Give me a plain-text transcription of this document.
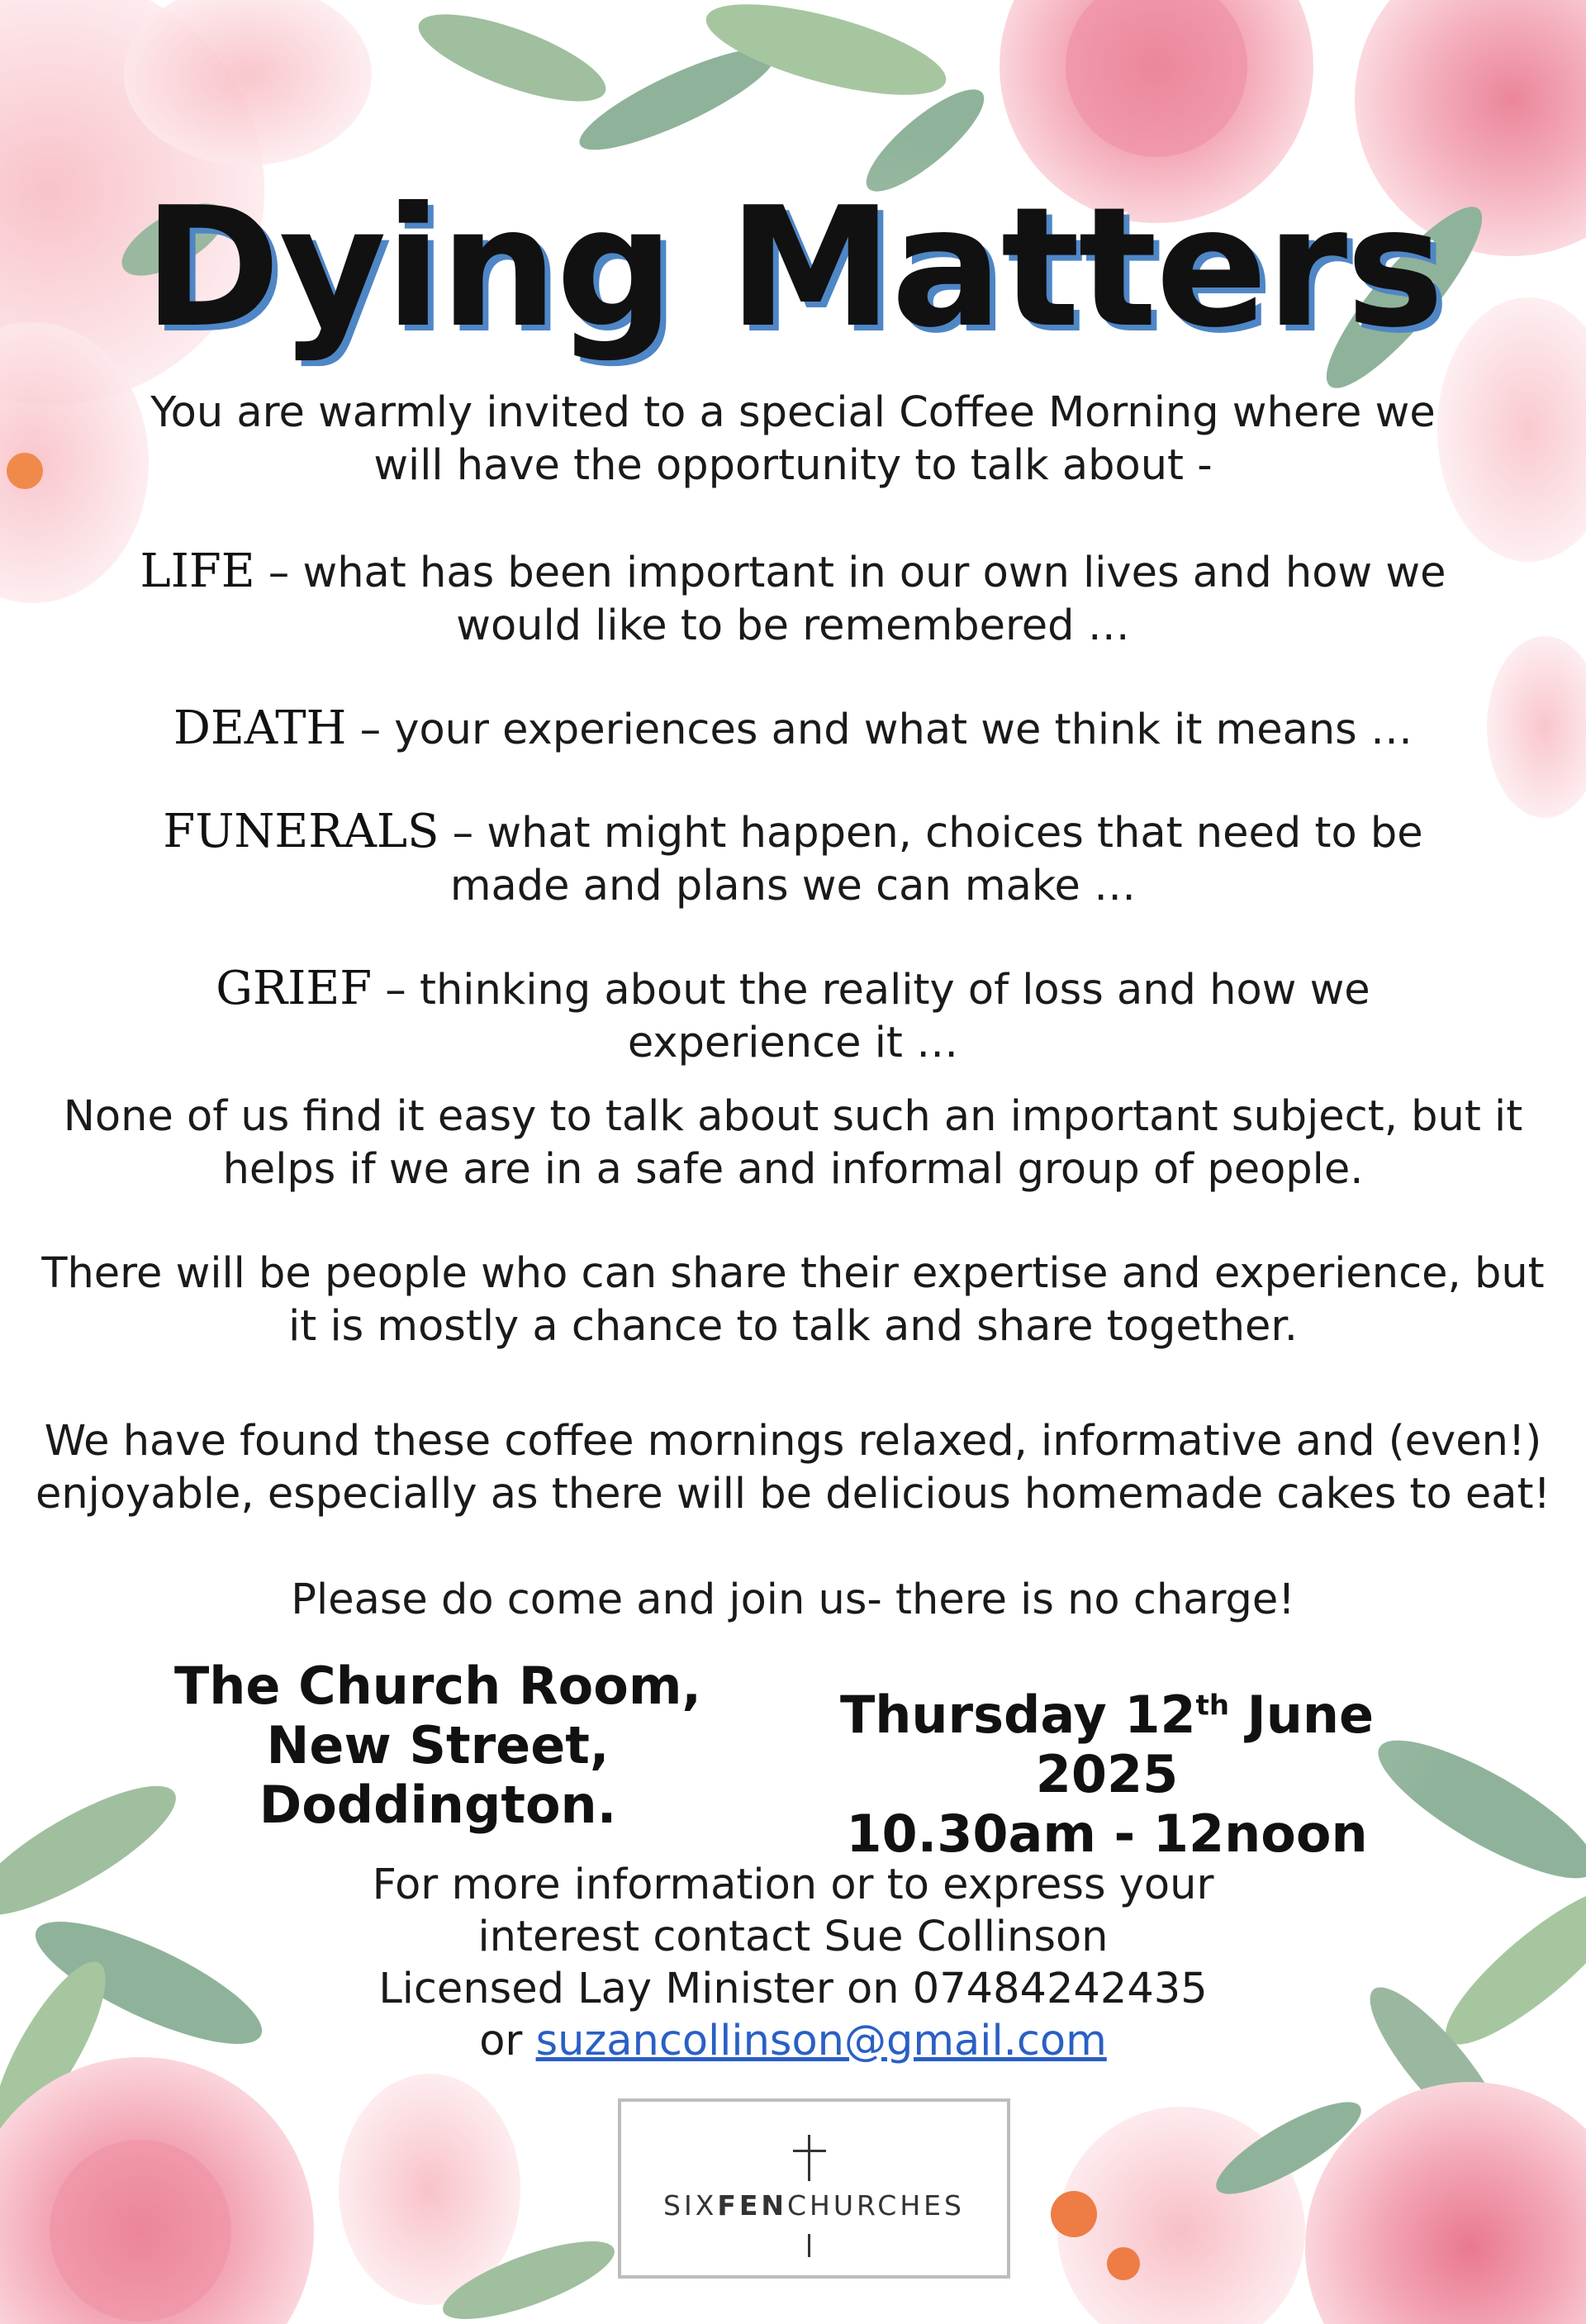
Dying Matters
You are warmly invited to a special Coffee Morning where we
will have the opportunity to talk about -
LIFE – what has been important in our own lives and how we
would like to be remembered …
DEATH – your experiences and what we think it means …
FUNERALS – what might happen, choices that need to be
made and plans we can make …
GRIEF – thinking about the reality of loss and how we
experience it …
None of us find it easy to talk about such an important subject, but it
helps if we are in a safe and informal group of people.
There will be people who can share their expertise and experience, but
it is mostly a chance to talk and share together.
We have found these coffee mornings relaxed, informative and (even!)
enjoyable, especially as there will be delicious homemade cakes to eat!
Please do come and join us- there is no charge!
The Church Room,
New Street,
Doddington.
Thursday 12th June 2025
10.30am - 12noon
For more information or to express your
interest contact Sue Collinson
Licensed Lay Minister on 07484242435
or suzancollinson@gmail.com
SIXFENCHURCHES
